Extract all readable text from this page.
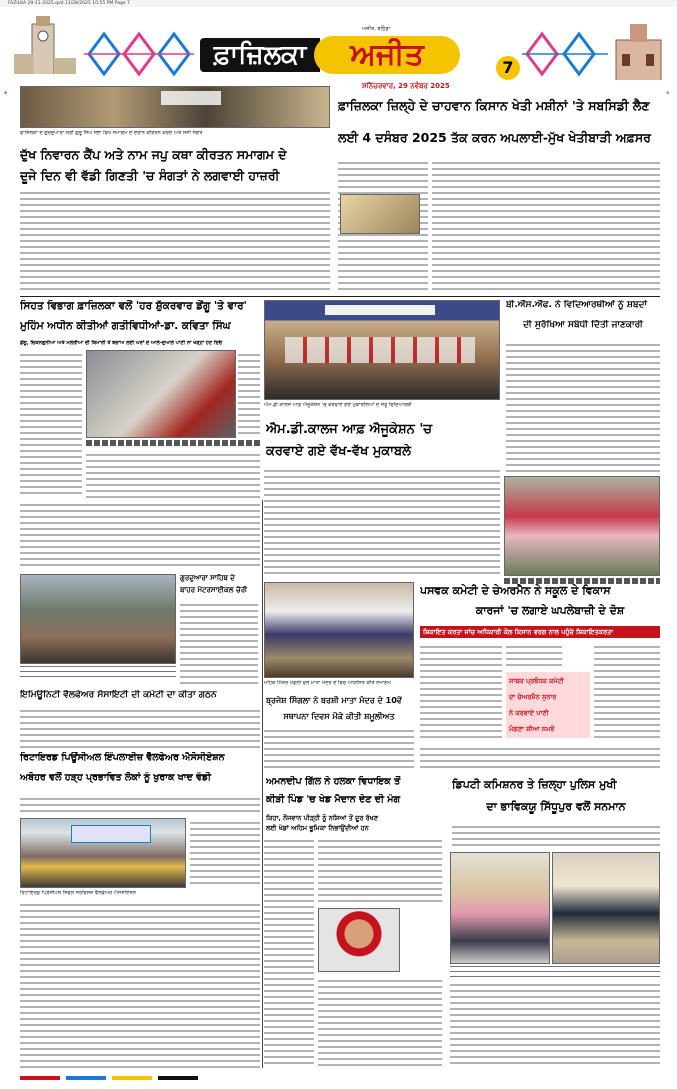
FAZILKA 29-11-2025.qxd 11/28/2025 10:55 PM Page 7
ਫ਼ਾਜ਼ਿਲਕਾ	ਅਜੀਤ
ਅਜੀਤ, ਬਠਿੰਡਾ
ਸ਼ਨਿੱਚਰਵਾਰ, 29 ਨਵੰਬਰ 2025
7
⊕	⊕
ਫ਼ਾਜ਼ਿਲਕਾ ਦੇ ਗੁਰਦੁਆਰਾ ਸ੍ਰੀ ਗੁਰੂ ਸਿੰਘ ਸਭਾ ਵਿਖੇ ਸਮਾਗਮ ਦੇ ਦੌਰਾਨ ਕੀਰਤਨ ਕਰਦੇ ਅਤੇ ਸਜੀ ਸੰਗਤ
ਦੁੱਖ ਨਿਵਾਰਨ ਕੈਂਪ ਅਤੇ ਨਾਮ ਜਪੁ ਕਥਾ ਕੀਰਤਨ ਸਮਾਗਮ ਦੇ
ਦੂਜੇ ਦਿਨ ਵੀ ਵੱਡੀ ਗਿਣਤੀ 'ਚ ਸੰਗਤਾਂ ਨੇ ਲਗਵਾਈ ਹਾਜ਼ਰੀ
ਫ਼ਾਜ਼ਿਲਕਾ ਜ਼ਿਲ੍ਹੇ ਦੇ ਚਾਹਵਾਨ ਕਿਸਾਨ ਖੇਤੀ ਮਸ਼ੀਨਾਂ 'ਤੇ ਸਬਸਿਡੀ ਲੈਣ
ਲਈ 4 ਦਸੰਬਰ 2025 ਤੱਕ ਕਰਨ ਅਪਲਾਈ-ਮੁੱਖ ਖੇਤੀਬਾੜੀ ਅਫ਼ਸਰ
ਸਿਹਤ ਵਿਭਾਗ ਫ਼ਾਜ਼ਿਲਕਾ ਵਲੋਂ 'ਹਰ ਸ਼ੁੱਕਰਵਾਰ ਡੇਂਗੂ 'ਤੇ ਵਾਰ'
ਮੁਹਿੰਮ ਅਧੀਨ ਕੀਤੀਆਂ ਗਤੀਵਿਧੀਆਂ-ਡਾ. ਕਵਿਤਾ ਸਿੰਘ
ਡੇਂਗੂ, ਚਿਕਨਗੁਨੀਆ ਅਤੇ ਮਲੇਰੀਆ ਦੀ ਬਿਮਾਰੀ ਤੋਂ ਬਚਾਅ ਲਈ ਘਰਾਂ ਦੇ ਆਲੇ-ਦੁਆਲੇ ਪਾਣੀ ਨਾ ਖੜ੍ਹਾ ਹੋਣ ਦਿਓ
ਐਮ.ਡੀ.ਕਾਲਜ ਆਫ਼ ਐਜੂਕੇਸ਼ਨ 'ਚ ਕਰਵਾਏ ਗਏ ਮੁਕਾਬਲਿਆਂ ਦੇ ਜੇਤੂ ਵਿਦਿਆਰਥੀ
ਐਮ.ਡੀ.ਕਾਲਜ ਆਫ਼ ਐਜੂਕੇਸ਼ਨ 'ਚ
ਕਰਵਾਏ ਗਏ ਵੱਖ-ਵੱਖ ਮੁਕਾਬਲੇ
ਬੀ.ਐੱਸ.ਐੱਫ. ਨੇ ਵਿਦਿਆਰਥੀਆਂ ਨੂੰ ਸ਼ਬਦਾਂ
ਦੀ ਸੁਰੱਖਿਆ ਸਬੰਧੀ ਦਿੱਤੀ ਜਾਣਕਾਰੀ
ਗੁਰਦੁਆਰਾ ਸਾਹਿਬ ਦੇ
ਬਾਹਰ ਮੋਟਰਸਾਈਕਲ ਚੋਰੀ
ਇਮਿਊਨਿਟੀ ਵੈਲਫੇਅਰ ਸੋਸਾਇਟੀ ਦੀ ਕਮੇਟੀ ਦਾ ਕੀਤਾ ਗਠਨ
ਰਿਟਾਇਰਡ ਪਿਊਂਸੀਅਲ ਇੰਪਲਾਈਜ਼ ਵੈੱਲਫੇਅਰ ਐਸੋਸੀਏਸ਼ਨ
ਅਬੋਹਰ ਵਲੋਂ ਹੜ੍ਹ ਪ੍ਰਭਾਵਿਤ ਲੋਕਾਂ ਨੂੰ ਖੁਰਾਕ ਖਾਦ ਵੰਡੀ
ਰਿਟਾਇਰਡ ਪ੍ਰਿੰਸੀਪਲ ਸਿਵਲ ਸਰਵਿਸਜ਼ ਵੈੱਲਫੇਅਰ ਐਸੋਸੀਏਸ਼ਨ
ਮਹਿਕ ਮਿੱਤਰ ਮੰਡਲੀ ਵਲੋਂ ਮਾਤਾ ਮੰਦਰ ਦੇ ਵਿਚ ਆਯੋਜਿਤ ਕੀਤੇ ਸਮਾਗਮ
ਬ੍ਰਜੇਸ਼ ਸਿੰਗਲਾ ਨੇ ਬਰਸ਼ੀ ਮਾਤਾ ਮੰਦਰ ਦੇ 10ਵੇਂ
ਸਥਾਪਨਾ ਦਿਵਸ ਮੌਕੇ ਕੀਤੀ ਸ਼ਮੂਲੀਅਤ
ਅਮਨਦੀਪ ਗਿੱਲ ਨੇ ਹਲਕਾ ਵਿਧਾਇਕ ਤੋਂ
ਕੀੜੀ ਪਿੰਡ 'ਚ ਖੇਡ ਮੈਦਾਨ ਦੇਣ ਦੀ ਮੰਗ
ਕਿਹਾ, ਨੌਜਵਾਨ ਪੀੜ੍ਹੀ ਨੂੰ ਨਸ਼ਿਆਂ ਤੋਂ ਦੂਰ ਰੱਖਣ
ਲਈ ਖੇਡਾਂ ਅਹਿਮ ਭੂਮਿਕਾ ਨਿਭਾਉਂਦੀਆਂ ਹਨ
ਪਸਵਕ ਕਮੇਟੀ ਦੇ ਚੇਅਰਮੈਨ ਨੇ ਸਕੂਲ ਦੇ ਵਿਕਾਸ
ਕਾਰਜਾਂ 'ਚ ਲਗਾਏ ਘਪਲੇਬਾਜ਼ੀ ਦੇ ਦੋਸ਼
ਸ਼ਿਕਾਇਤ ਕਰਤਾ ਜਾਂਚ ਅਧਿਕਾਰੀ ਕੋਲ ਕਿਸਾਨ ਵਰਗ ਨਾਲ ਪਹੁੰਚੇ ਸ਼ਿਕਾਇਤਕਰਤਾ
ਸਾਬਕ ਪ੍ਰਬੰਧਕ ਕਮੇਟੀ
ਦਾ ਚੇਅਰਮੈਨ ਸੁਨਾਰ
ਨੇ ਕਰਵਾਏ ਪਾਣੀ
ਮੰਗਣਾ ਸ਼ੀਆ ਸਮਝੋ
ਡਿਪਟੀ ਕਮਿਸ਼ਨਰ ਤੇ ਜ਼ਿਲ੍ਹਾ ਪੁਲਿਸ ਮੁਖੀ
ਦਾ ਭਾਵਿਕਯੂ ਸਿੱਧੂਪੁਰ ਵਲੋਂ ਸਨਮਾਨ
